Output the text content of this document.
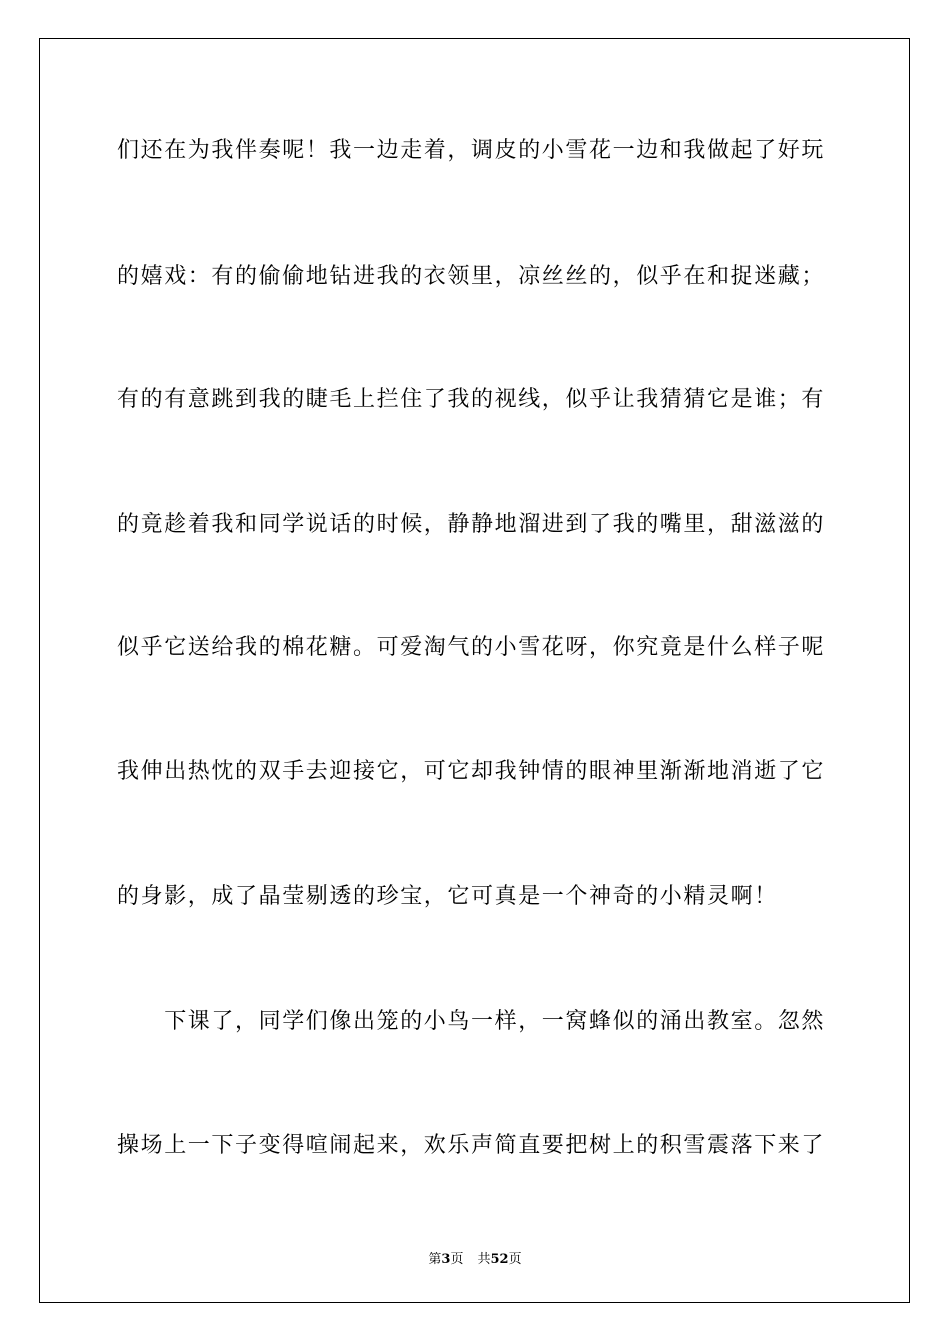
们还在为我伴奏呢！我一边走着，调皮的小雪花一边和我做起了好玩
的嬉戏：有的偷偷地钻进我的衣领里，凉丝丝的，似乎在和捉迷藏；
有的有意跳到我的睫毛上拦住了我的视线，似乎让我猜猜它是谁；有
的竟趁着我和同学说话的时候，静静地溜进到了我的嘴里，甜滋滋的
似乎它送给我的棉花糖。可爱淘气的小雪花呀，你究竟是什么样子呢
我伸出热忱的双手去迎接它，可它却我钟情的眼神里渐渐地消逝了它
的身影，成了晶莹剔透的珍宝，它可真是一个神奇的小精灵啊！
　　下课了，同学们像出笼的小鸟一样，一窝蜂似的涌出教室。忽然
操场上一下子变得喧闹起来，欢乐声简直要把树上的积雪震落下来了
第3页 共52页
